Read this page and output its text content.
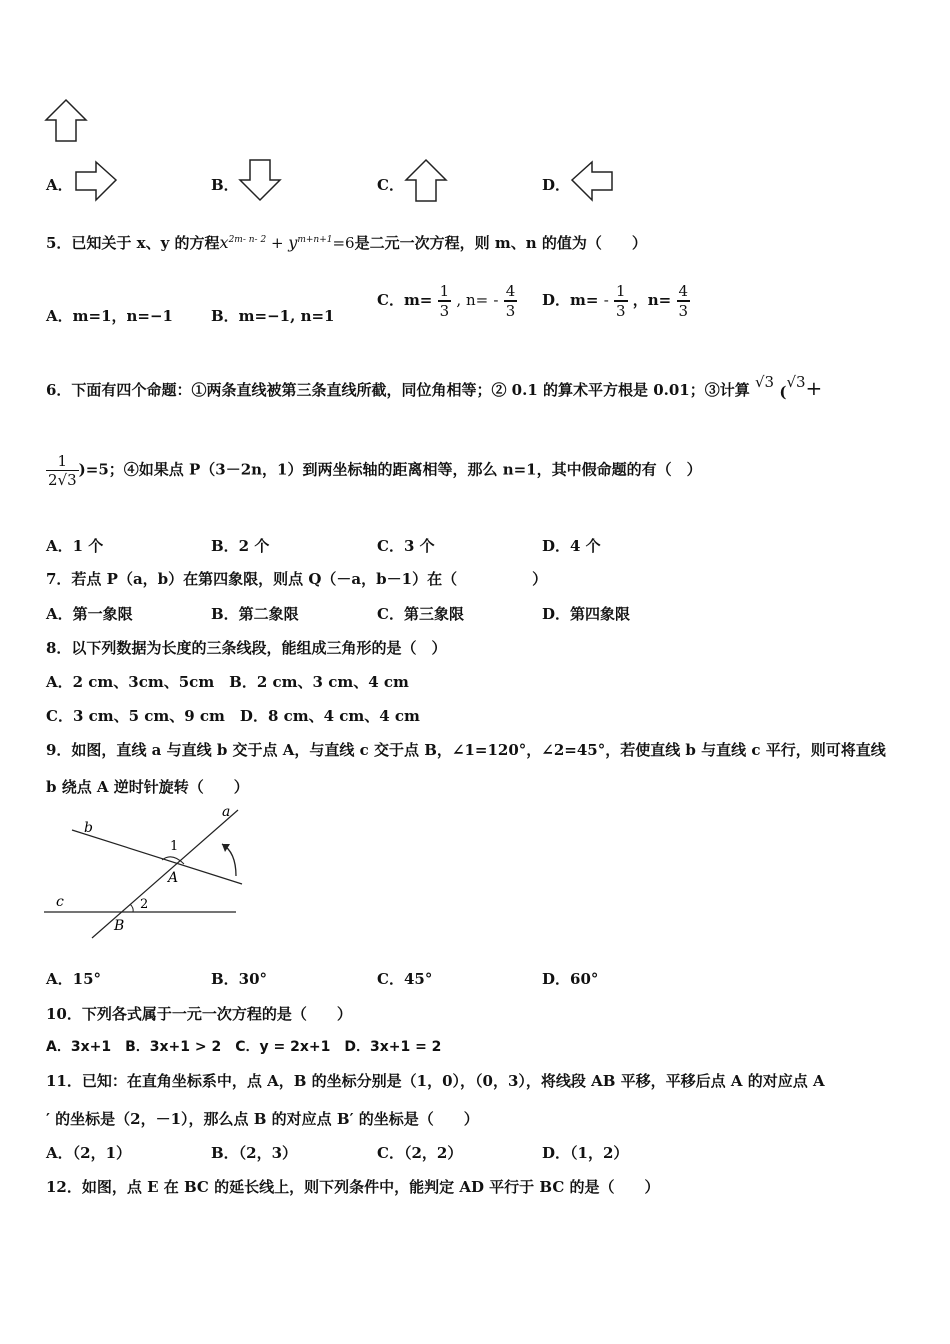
A．	B．	C．	D．
5．已知关于 x、y 的方程$x^{2m- n- 2} + y^{m+n+1}=6$是二元一次方程，则 m、n 的值为（　　）
A．m=1，n=−1	B．m=−1, n=1
C．$m= \frac{1}{3}$ , $n= - \frac{4}{3}$ D．$m= - \frac{1}{3}$ ，$n= \frac{4}{3}$
6．下面有四个命题：①两条直线被第三条直线所截，同位角相等；② 0.1 的算术平方根是 0.01；③计算 √3 (√3+
$\frac{1}{2√3} )=5$；④如果点 P（3－2n，1）到两坐标轴的距离相等，那么 n=1，其中假命题的有（　）
A．1 个	B．2 个	C．3 个	D．4 个
7．若点 P（a，b）在第四象限，则点 Q（－a，b－1）在（　　　　　）
A．第一象限	B．第二象限	C．第三象限	D．第四象限
8．以下列数据为长度的三条线段，能组成三角形的是（　）
A．2 cm、3cm、5cm　B．2 cm、3 cm、4 cm
C．3 cm、5 cm、9 cm　D．8 cm、4 cm、4 cm
9．如图，直线 a 与直线 b 交于点 A，与直线 c 交于点 B，∠1=120°，∠2=45°，若使直线 b 与直线 c 平行，则可将直线
b 绕点 A 逆时针旋转（　　）
a
b
c
1
2
A
B
A．15°	B．30°	C．45°	D．60°
10．下列各式属于一元一次方程的是（　　）
A．3x+1　B．3x+1 > 2　C．y = 2x+1　D．3x+1 = 2
11．已知：在直角坐标系中，点 A，B 的坐标分别是（1，0），（0，3），将线段 AB 平移，平移后点 A 的对应点 A
′ 的坐标是（2，－1），那么点 B 的对应点 B′ 的坐标是（　　）
A．（2，1）	B．（2，3）	C．（2，2）	D．（1，2）
12．如图，点 E 在 BC 的延长线上，则下列条件中，能判定 AD 平行于 BC 的是（　　）
